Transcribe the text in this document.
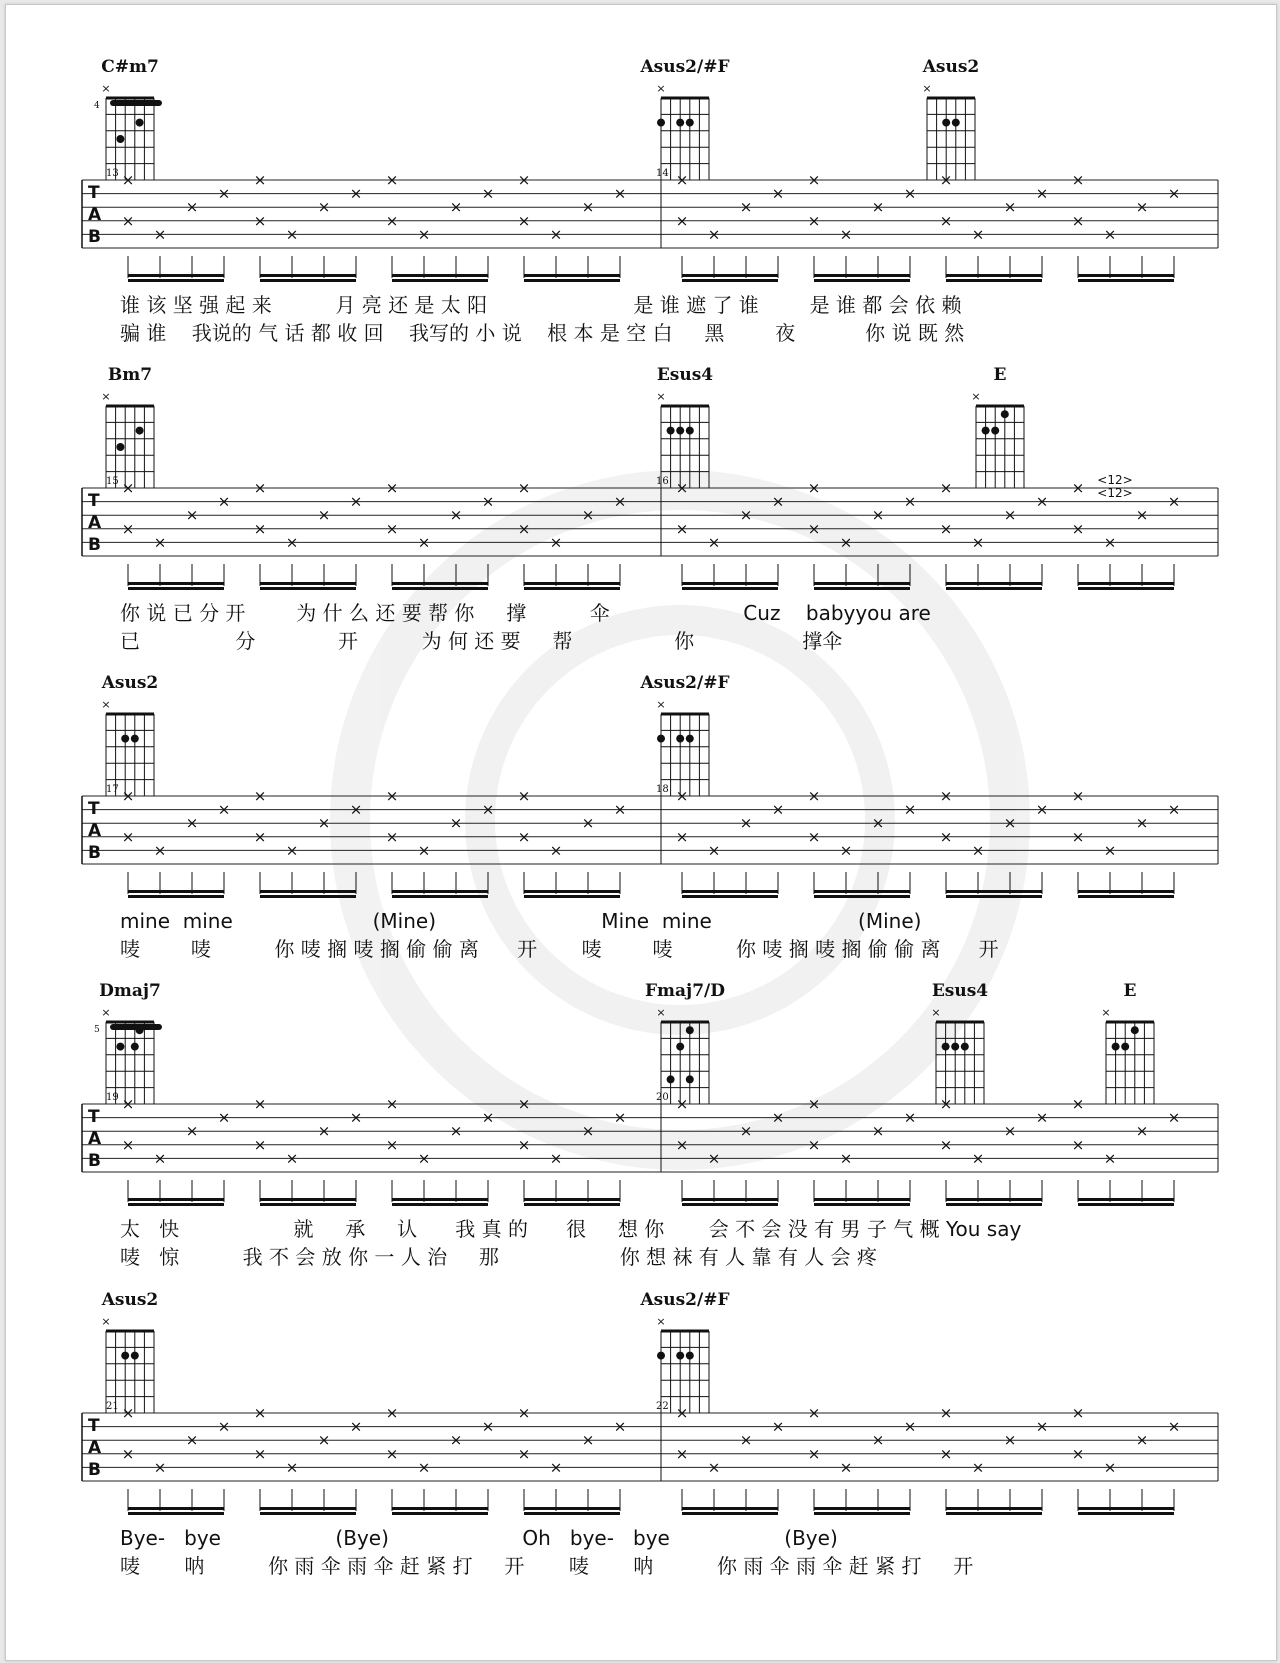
C#m7
4
×
Asus2/#F
×
Asus2
×
T
A
B
13	14
×
×
×
×
×
×
×
×
×
×
×
×
×
×
×
×
×
×
×
×
×
×
×
×
×
×
×
×
×
×
×
×
×
×
×
×
×
×
×
×
谁 该 坚 强 起 来          月 亮 还 是 太 阳                       是 谁 遮 了 谁        是 谁 都 会 依 赖
骗 谁    我说的 气 话 都 收 回    我写的 小 说    根 本 是 空 白     黑        夜           你 说 既 然
Bm7
×
Esus4
×
E
×
T
A
B
15	16
×
×
×
×
×
×
×
×
×
×
×
×
×
×
×
×
×
×
×
×
×
×
×
×
×
×
×
×
×
×
×
×
×
×
×
×
×
×
×
×
<12>
<12>
你 说 已 分 开        为 什 么 还 要 帮 你     撑          伞                     Cuz    babyyou are
已               分             开          为 何 还 要     帮                你                 撑伞
Asus2
×
Asus2/#F
×
T
A
B
17	18
×
×
×
×
×
×
×
×
×
×
×
×
×
×
×
×
×
×
×
×
×
×
×
×
×
×
×
×
×
×
×
×
×
×
×
×
×
×
×
×
mine  mine                      (Mine)                          Mine  mine                       (Mine)
唛        唛          你 唛 搁 唛 搁 偷 偷 离      开       唛        唛          你 唛 搁 唛 搁 偷 偷 离      开
Dmaj7
5
×
Fmaj7/D
×
Esus4
×
E
×
T
A
B
19	20
×
×
×
×
×
×
×
×
×
×
×
×
×
×
×
×
×
×
×
×
×
×
×
×
×
×
×
×
×
×
×
×
×
×
×
×
×
×
×
×
太   快                  就     承     认      我 真 的      很     想 你       会 不 会 没 有 男 子 气 概 You say
唛   惊          我 不 会 放 你 一 人 治     那                   你 想 袜 有 人 靠 有 人 会 疼
Asus2
×
Asus2/#F
×
T
A
B
21	22
×
×
×
×
×
×
×
×
×
×
×
×
×
×
×
×
×
×
×
×
×
×
×
×
×
×
×
×
×
×
×
×
×
×
×
×
×
×
×
×
Bye-   bye                  (Bye)                     Oh   bye-   bye                  (Bye)
唛       呐          你 雨 伞 雨 伞 赶 紧 打     开       唛       呐          你 雨 伞 雨 伞 赶 紧 打     开
